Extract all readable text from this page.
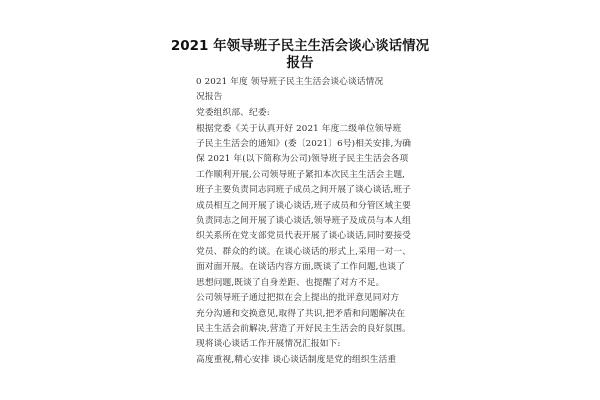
2021 年领导班子民主生活会谈心谈话情况
报告
0 2021 年度 领导班子民主生活会谈心谈话情况
况报告
党委组织部、纪委:
根据党委《关于认真开好 2021 年度二级单位领导班
子民主生活会的通知》(委〔2021〕6号)相关安排,为确
保 2021 年(以下简称为公司)领导班子民主生活会各项
工作顺利开展,公司领导班子紧扣本次民主生活会主题,
班子主要负责同志同班子成员之间开展了谈心谈话,班子
成员相互之间开展了谈心谈话,班子成员和分管区域主要
负责同志之间开展了谈心谈话,领导班子及成员与本人组
织关系所在党支部党员代表开展了谈心谈话,同时要接受
党员、群众的约谈。在谈心谈话的形式上,采用一对一、
面对面开展。在谈话内容方面,既谈了工作问题,也谈了
思想问题,既谈了自身差距、也提醒了对方不足。
公司领导班子通过把拟在会上提出的批评意见同对方
充分沟通和交换意见,取得了共识,把矛盾和问题解决在
民主生活会前解决,营造了开好民主生活会的良好氛围。
现将谈心谈话工作开展情况汇报如下:
高度重视,精心安排 谈心谈话制度是党的组织生活重
